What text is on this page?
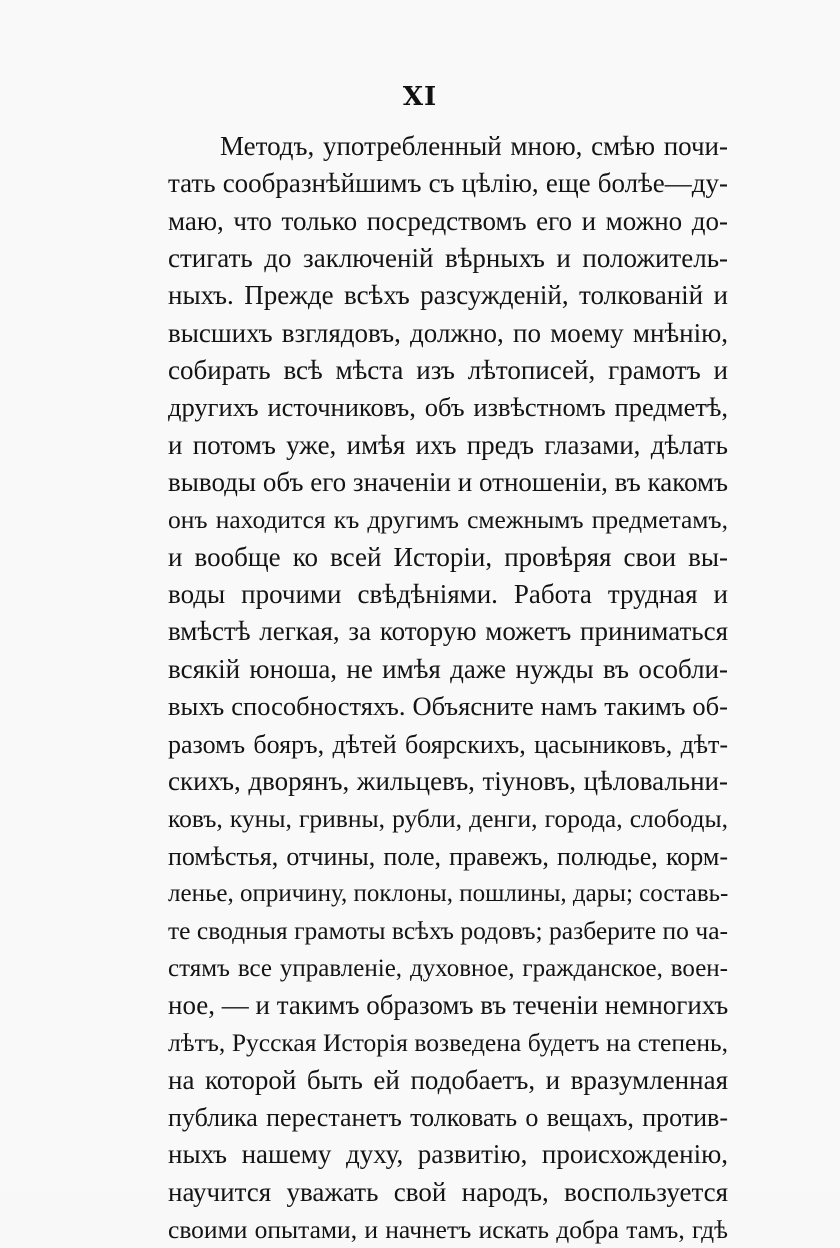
XI
Методъ, употребленный мною, смѣю почи-
тать сообразнѣйшимъ съ цѣлію, еще болѣе—ду-
маю, что только посредствомъ его и можно до-
стигать до заключеній вѣрныхъ и положитель-
ныхъ. Прежде всѣхъ разсужденій, толкованій и
высшихъ взглядовъ, должно, по моему мнѣнію,
собирать всѣ мѣста изъ лѣтописей, грамотъ и
другихъ источниковъ, объ извѣстномъ предметѣ,
и потомъ уже, имѣя ихъ предъ глазами, дѣлать
выводы объ его значеніи и отношеніи, въ какомъ
онъ находится къ другимъ смежнымъ предметамъ,
и вообще ко всей Исторіи, провѣряя свои вы-
воды прочими свѣдѣніями. Работа трудная и
вмѣстѣ легкая, за которую можетъ приниматься
всякій юноша, не имѣя даже нужды въ особли-
выхъ способностяхъ. Объясните намъ такимъ об-
разомъ бояръ, дѣтей боярскихъ, цасыниковъ, дѣт-
скихъ, дворянъ, жильцевъ, тіуновъ, цѣловальни-
ковъ, куны, гривны, рубли, денги, города, слободы,
помѣстья, отчины, поле, правежъ, полюдье, корм-
ленье, опричину, поклоны, пошлины, дары; составь-
те сводныя грамоты всѣхъ родовъ; разберите по ча-
стямъ все управленіе, духовное, гражданское, воен-
ное, — и такимъ образомъ въ теченіи немногихъ
лѣтъ, Русская Исторія возведена будетъ на степень,
на которой быть ей подобаетъ, и вразумленная
публика перестанетъ толковать о вещахъ, против-
ныхъ нашему духу, развитію, происхожденію,
научится уважать свой народъ, воспользуется
своими опытами, и начнетъ искать добра тамъ, гдѣ
